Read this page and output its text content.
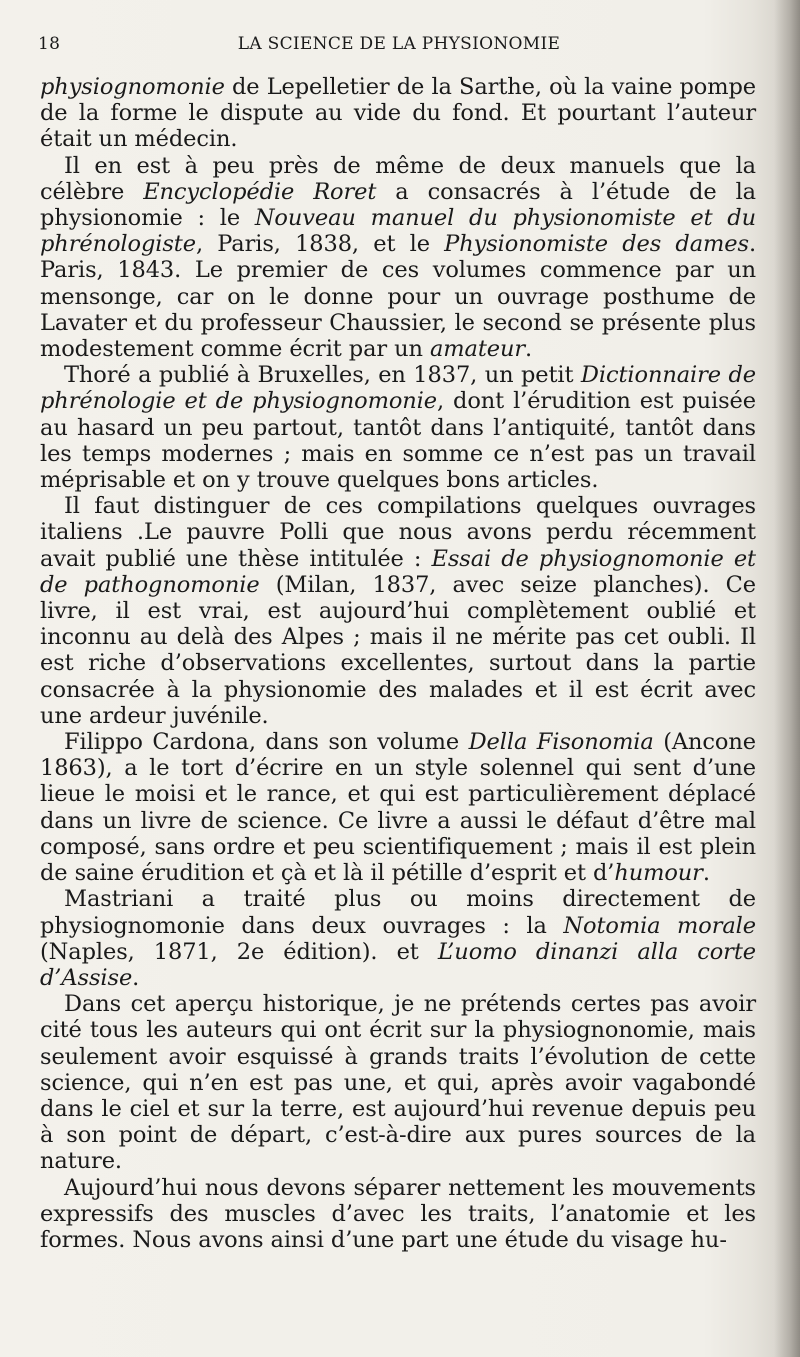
18	LA SCIENCE DE LA PHYSIONOMIE

physiognomonie de Lepelletier de la Sarthe, où la vaine pompe de la forme le dispute au vide du fond. Et pourtant l’auteur était un médecin.

Il en est à peu près de même de deux manuels que la célèbre Encyclopédie Roret a consacrés à l’étude de la physionomie : le Nouveau manuel du physionomiste et du phrénologiste, Paris, 1838, et le Physionomiste des dames. Paris, 1843. Le premier de ces volumes commence par un mensonge, car on le donne pour un ouvrage posthume de Lavater et du professeur Chaussier, le second se présente plus modestement comme écrit par un amateur.

Thoré a publié à Bruxelles, en 1837, un petit Dictionnaire de phrénologie et de physiognomonie, dont l’érudition est puisée au hasard un peu partout, tantôt dans l’antiquité, tantôt dans les temps modernes ; mais en somme ce n’est pas un travail méprisable et on y trouve quelques bons articles.

Il faut distinguer de ces compilations quelques ouvrages italiens .Le pauvre Polli que nous avons perdu récemment avait publié une thèse intitulée : Essai de physiognomonie et de pathognomonie (Milan, 1837, avec seize planches). Ce livre, il est vrai, est aujourd’hui complètement oublié et inconnu au delà des Alpes ; mais il ne mérite pas cet oubli. Il est riche d’observations excellentes, surtout dans la partie consacrée à la physionomie des malades et il est écrit avec une ardeur juvénile.

Filippo Cardona, dans son volume Della Fisonomia (Ancone 1863), a le tort d’écrire en un style solennel qui sent d’une lieue le moisi et le rance, et qui est particulièrement déplacé dans un livre de science. Ce livre a aussi le défaut d’être mal composé, sans ordre et peu scientifiquement ; mais il est plein de saine érudition et çà et là il pétille d’esprit et d’humour.

Mastriani a traité plus ou moins directement de physiognomonie dans deux ouvrages : la Notomia morale (Naples, 1871, 2e édition). et L’uomo dinanzi alla corte d’Assise.

Dans cet aperçu historique, je ne prétends certes pas avoir cité tous les auteurs qui ont écrit sur la physiognonomie, mais seulement avoir esquissé à grands traits l’évolution de cette science, qui n’en est pas une, et qui, après avoir vagabondé dans le ciel et sur la terre, est aujourd’hui revenue depuis peu à son point de départ, c’est-à-dire aux pures sources de la nature.

Aujourd’hui nous devons séparer nettement les mouvements expressifs des muscles d’avec les traits, l’anatomie et les formes. Nous avons ainsi d’une part une étude du visage hu-
